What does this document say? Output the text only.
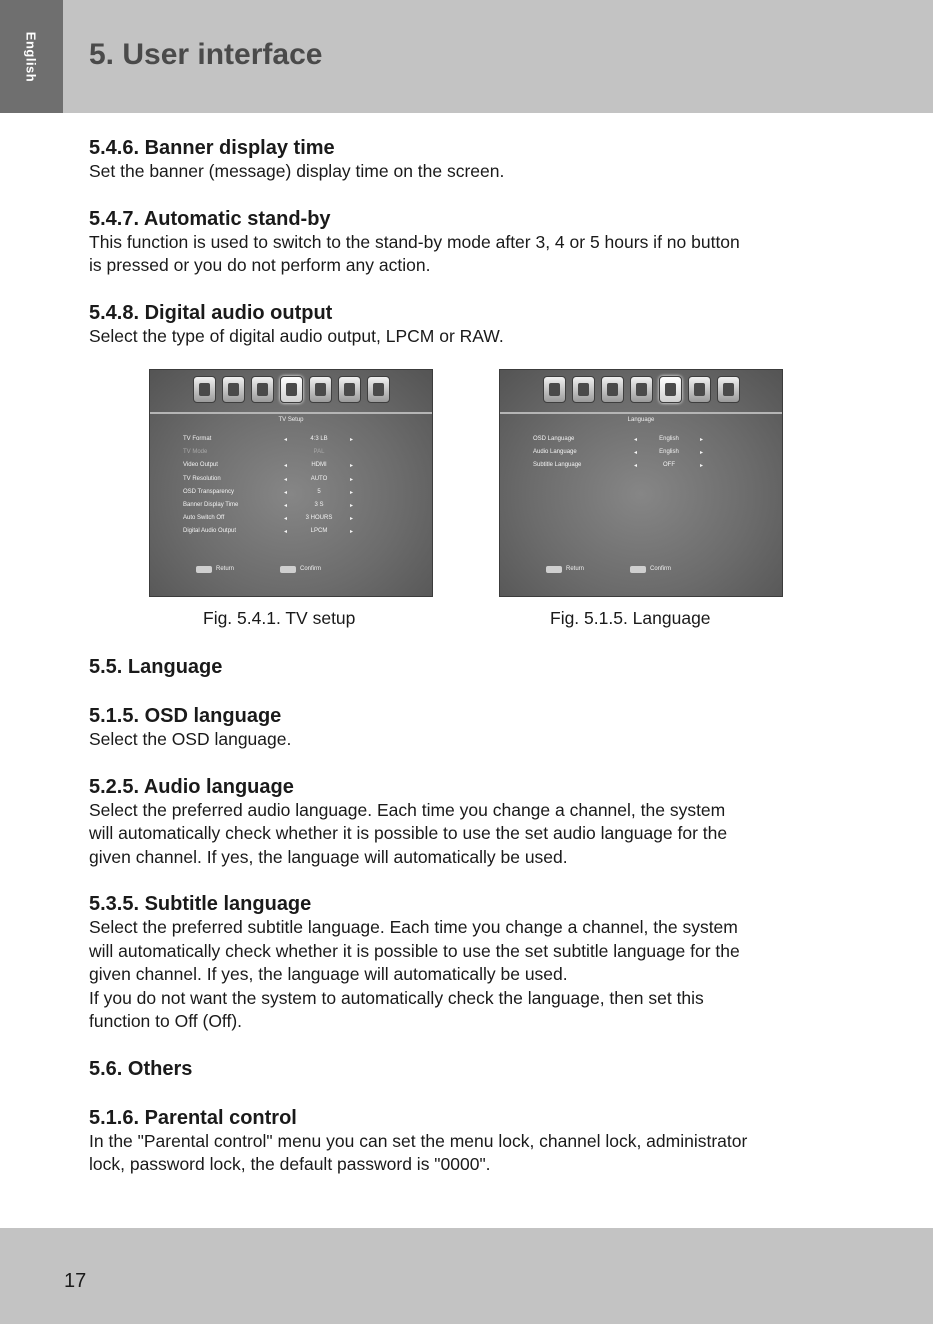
English 5. User interface
5.4.6. Banner display time

Set the banner (message) display time on the screen.

5.4.7. Automatic stand-by

This function is used to switch to the stand-by mode after 3, 4 or 5 hours if no button

is pressed or you do not perform any action.

5.4.8. Digital audio output

Select the type of digital audio output, LPCM or RAW.

TV Setup
TV Format	◂	4:3 LB	▸
TV Mode	PAL
Video Output	◂	HDMI	▸
TV Resolution	◂	AUTO	▸
OSD Transparency	◂	5	▸
Banner Display Time	◂	3 S	▸
Auto Switch Off	◂	3 HOURS	▸
Digital Audio Output	◂	LPCM	▸
Return	Confirm
Fig. 5.4.1. TV setup
Language
OSD Language	◂	English	▸
Audio Language	◂	English	▸
Subtitle Language	◂	OFF	▸
Return	Confirm
Fig. 5.1.5. Language
5.5. Language
5.1.5. OSD language

Select the OSD language.

5.2.5. Audio language

Select the preferred audio language. Each time you change a channel, the system

will automatically check whether it is possible to use the set audio language for the

given channel. If yes, the language will automatically be used.

5.3.5. Subtitle language

Select the preferred subtitle language. Each time you change a channel, the system

will automatically check whether it is possible to use the set subtitle language for the

given channel. If yes, the language will automatically be used.

If you do not want the system to automatically check the language, then set this

function to Off (Off).

5.6. Others
5.1.6. Parental control

In the "Parental control" menu you can set the menu lock, channel lock, administrator

lock, password lock, the default password is "0000".

17
